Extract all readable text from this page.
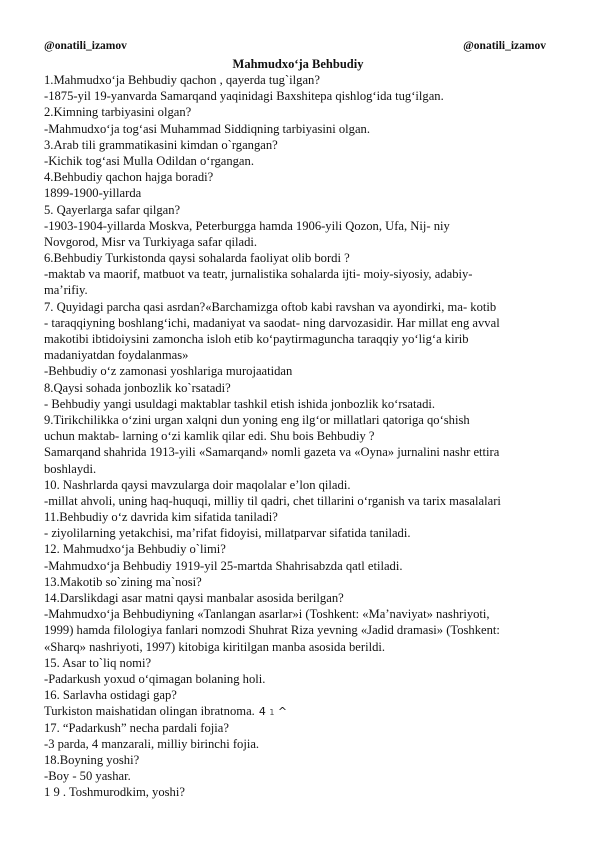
@onatili_izamov	@onatili_izamov
Mahmudxo‘ja Behbudiy
1.Mahmudxo‘ja Behbudiy qachon , qayerda tug`ilgan?
-1875-yil 19-yanvarda Samarqand yaqinidagi Baxshitepa qishlog‘ida tug‘ilgan.
2.Kimning tarbiyasini olgan?
-Mahmudxo‘ja tog‘asi Muhammad Siddiqning tarbiyasini olgan.
3.Arab tili grammatikasini kimdan o`rgangan?
-Kichik tog‘asi Mulla Odildan o‘rgangan.
4.Behbudiy qachon hajga boradi?
1899-1900-yillarda
5. Qayerlarga safar qilgan?
-1903-1904-yillarda Moskva, Peterburgga hamda 1906-yili Qozon, Ufa, Nij- niy
Novgorod, Misr va Turkiyaga safar qiladi.
6.Behbudiy Turkistonda qaysi sohalarda faoliyat olib bordi ?
-maktab va maorif, matbuot va teatr, jurnalistika sohalarda ijti- moiy-siyosiy, adabiy-
ma’rifiy.
7. Quyidagi parcha qasi asrdan?«Barchamizga oftob kabi ravshan va ayondirki, ma- kotib
- taraqqiyning boshlang‘ichi, madaniyat va saodat- ning darvozasidir. Har millat eng avval
makotibi ibtidoiysini zamoncha isloh etib ko‘paytirmaguncha taraqqiy yo‘lig‘a kirib
madaniyatdan foydalanmas»
-Behbudiy o‘z zamonasi yoshlariga murojaatidan
8.Qaysi sohada jonbozlik ko`rsatadi?
- Behbudiy yangi usuldagi maktablar tashkil etish ishida jonbozlik ko‘rsatadi.
9.Tirikchilikka o‘zini urgan xalqni dun yoning eng ilg‘or millatlari qatoriga qo‘shish
uchun maktab- larning o‘zi kamlik qilar edi. Shu bois Behbudiy ?
Samarqand shahrida 1913-yili «Samarqand» nomli gazeta va «Oyna» jurnalini nashr ettira
boshlaydi.
10. Nashrlarda qaysi mavzularga doir maqolalar e’lon qiladi.
-millat ahvoli, uning haq-huquqi, milliy til qadri, chet tillarini o‘rganish va tarix masalalari
11.Behbudiy o‘z davrida kim sifatida taniladi?
- ziyolilarning yetakchisi, ma’rifat fidoyisi, millatparvar sifatida taniladi.
12. Mahmudxo‘ja Behbudiy o`limi?
-Mahmudxo‘ja Behbudiy 1919-yil 25-martda Shahrisabzda qatl etiladi.
13.Makotib so`zining ma`nosi?
14.Darslikdagi asar matni qaysi manbalar asosida berilgan?
-Mahmudxo‘ja Behbudiyning «Tanlangan asarlar»i (Toshkent: «Ma’naviyat» nashriyoti,
1999) hamda filologiya fanlari nomzodi Shuhrat Riza yevning «Jadid dramasi» (Toshkent:
«Sharq» nashriyoti, 1997) kitobiga kiritilgan manba asosida berildi.
15. Asar to`liq nomi?
-Padarkush yoxud o‘qimagan bolaning holi.
16. Sarlavha ostidagi gap?
Turkiston maishatidan olingan ibratnoma. 4 1 ^
17. “Padarkush” necha pardali fojia?
-3 parda, 4 manzarali, milliy birinchi fojia.
18.Boyning yoshi?
-Boy - 50 yashar.
1 9 . Toshmurodkim, yoshi?
